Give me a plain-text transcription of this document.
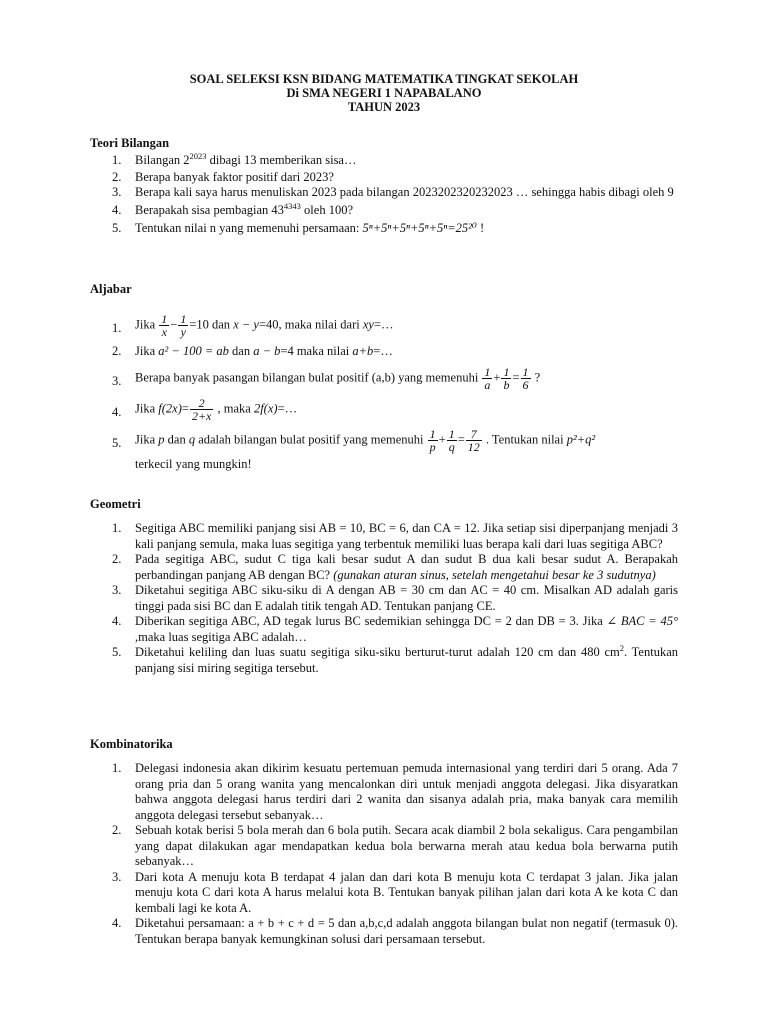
SOAL SELEKSI KSN BIDANG MATEMATIKA TINGKAT SEKOLAH
Di SMA NEGERI 1 NAPABALANO
TAHUN 2023
Teori Bilangan
1. Bilangan $2^{2023}$ dibagi 13 memberikan sisa…
2. Berapa banyak faktor positif dari 2023?
3. Berapa kali saya harus menuliskan 2023 pada bilangan 2023202320232023 … sehingga habis dibagi oleh 9
4. Berapakah sisa pembagian $43^{4343}$ oleh 100?
5. Tentukan nilai n yang memenuhi persamaan: 5ⁿ+5ⁿ+5ⁿ+5ⁿ+5ⁿ=25²⁰ !
Aljabar
1. Jika $\frac{1}{x} - \frac{1}{y} =10$ dan x − y=40, maka nilai dari xy=…
2. Jika a² − 100 = ab dan a − b=4 maka nilai a+b=…
3. Berapa banyak pasangan bilangan bulat positif (a,b) yang memenuhi $\frac{1}{a} + \frac{1}{b} = \frac{1}{6}$ ?
4. Jika $f(2x)= \frac{2}{2+x}$ , maka 2f(x)=…
5. Jika p dan q adalah bilangan bulat positif yang memenuhi $\frac{1}{p} + \frac{1}{q} = \frac{7}{12}$ . Tentukan nilai p²+q²
terkecil yang mungkin!
Geometri
1. Segitiga ABC memiliki panjang sisi AB = 10, BC = 6, dan CA = 12. Jika setiap sisi diperpanjang menjadi 3 kali panjang semula, maka luas segitiga yang terbentuk memiliki luas berapa kali dari luas segitiga ABC?
2. Pada segitiga ABC, sudut C tiga kali besar sudut A dan sudut B dua kali besar sudut A. Berapakah perbandingan panjang AB dengan BC? (gunakan aturan sinus, setelah mengetahui besar ke 3 sudutnya)
3. Diketahui segitiga ABC siku-siku di A dengan AB = 30 cm dan AC = 40 cm. Misalkan AD adalah garis tinggi pada sisi BC dan E adalah titik tengah AD. Tentukan panjang CE.
4. Diberikan segitiga ABC, AD tegak lurus BC sedemikian sehingga DC = 2 dan DB = 3. Jika ∠ BAC = 45° ,maka luas segitiga ABC adalah…
5. Diketahui keliling dan luas suatu segitiga siku-siku berturut-turut adalah 120 cm dan 480 $cm^2$. Tentukan panjang sisi miring segitiga tersebut.
Kombinatorika
1. Delegasi indonesia akan dikirim kesuatu pertemuan pemuda internasional yang terdiri dari 5 orang. Ada 7 orang pria dan 5 orang wanita yang mencalonkan diri untuk menjadi anggota delegasi. Jika disyaratkan bahwa anggota delegasi harus terdiri dari 2 wanita dan sisanya adalah pria, maka banyak cara memilih anggota delegasi tersebut sebanyak…
2. Sebuah kotak berisi 5 bola merah dan 6 bola putih. Secara acak diambil 2 bola sekaligus. Cara pengambilan yang dapat dilakukan agar mendapatkan kedua bola berwarna merah atau kedua bola berwarna putih sebanyak…
3. Dari kota A menuju kota B terdapat 4 jalan dan dari kota B menuju kota C terdapat 3 jalan. Jika jalan menuju kota C dari kota A harus melalui kota B. Tentukan banyak pilihan jalan dari kota A ke kota C dan kembali lagi ke kota A.
4. Diketahui persamaan: a + b + c + d = 5 dan a,b,c,d adalah anggota bilangan bulat non negatif (termasuk 0). Tentukan berapa banyak kemungkinan solusi dari persamaan tersebut.
